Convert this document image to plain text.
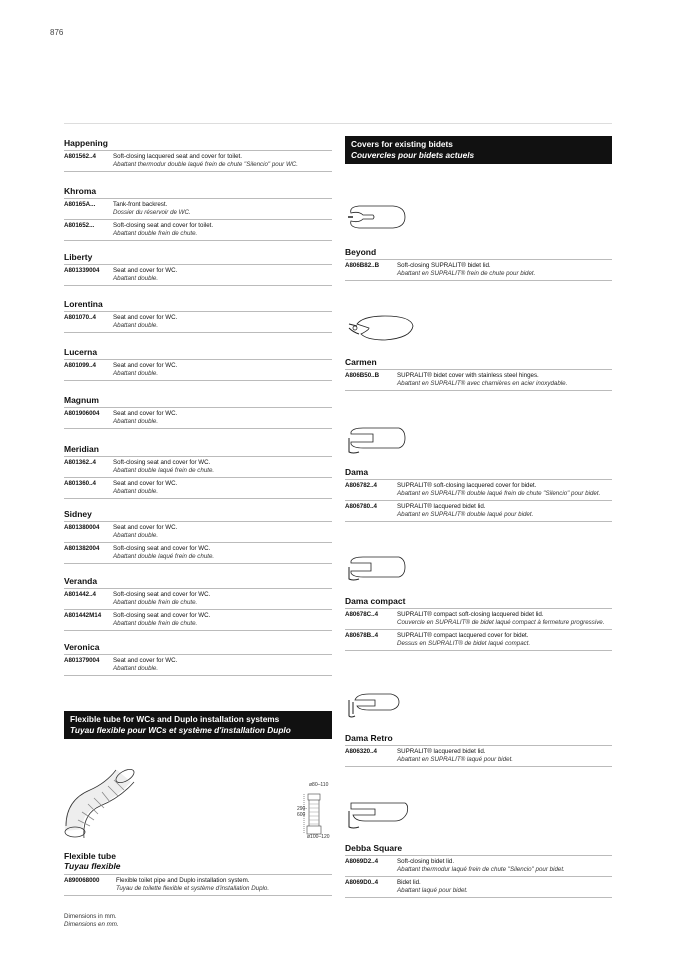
876
Happening
A801562..4	Soft-closing lacquered seat and cover for toilet.
Abattant thermodur double laqué frein de chute "Silencio" pour WC.
Khroma
A80165A...	Tank-front backrest.
Dossier du réservoir de WC.
A801652...	Soft-closing seat and cover for toilet.
Abattant double frein de chute.
Liberty
A801339004	Seat and cover for WC.
Abattant double.
Lorentina
A801070..4	Seat and cover for WC.
Abattant double.
Lucerna
A801099..4	Seat and cover for WC.
Abattant double.
Magnum
A801906004	Seat and cover for WC.
Abattant double.
Meridian
A801362..4	Soft-closing seat and cover for WC.
Abattant double laqué frein de chute.
A801360..4	Seat and cover for WC.
Abattant double.
Sidney
A801380004	Seat and cover for WC.
Abattant double.
A801382004	Soft-closing seat and cover for WC.
Abattant double laqué frein de chute.
Veranda
A801442..4	Soft-closing seat and cover for WC.
Abattant double frein de chute.
A801442M14	Soft-closing seat and cover for WC.
Abattant double frein de chute.
Veronica
A801379004	Seat and cover for WC.
Abattant double.
Flexible tube for WCs and Duplo installation systems
Tuyau flexible pour WCs et système d'installation Duplo
ø80–110
290-
600
ø100–120
Flexible tube
Tuyau flexible
A890068000	Flexible toilet pipe and Duplo installation system.
Tuyau de toilette flexible et système d'installation Duplo.
Covers for existing bidets
Couvercles pour bidets actuels
Beyond
A806B82..B	Soft-closing SUPRALIT® bidet lid.
Abattant en SUPRALIT® frein de chute pour bidet.
Carmen
A806B50..B	SUPRALIT® bidet cover with stainless steel hinges.
Abattant en SUPRALIT® avec charnières en acier inoxydable.
Dama
A806782..4	SUPRALIT® soft-closing lacquered cover for bidet.
Abattant en SUPRALIT® double laqué frein de chute "Silencio" pour bidet.
A806780..4	SUPRALIT® lacquered bidet lid.
Abattant en SUPRALIT® double laqué pour bidet.
Dama compact
A80678C..4	SUPRALIT® compact soft-closing lacquered bidet lid.
Couvercle en SUPRALIT® de bidet laqué compact à fermeture progressive.
A80678B..4	SUPRALIT® compact lacquered cover for bidet.
Dessus en SUPRALIT® de bidet laqué compact.
Dama Retro
A806320..4	SUPRALIT® lacquered bidet lid.
Abattant en SUPRALIT® laqué pour bidet.
Debba Square
A8069D2..4	Soft-closing bidet lid.
Abattant thermodur laqué frein de chute "Silencio" pour bidet.
A8069D0..4	Bidet lid.
Abattant laqué pour bidet.
Dimensions in mm.
Dimensions en mm.
